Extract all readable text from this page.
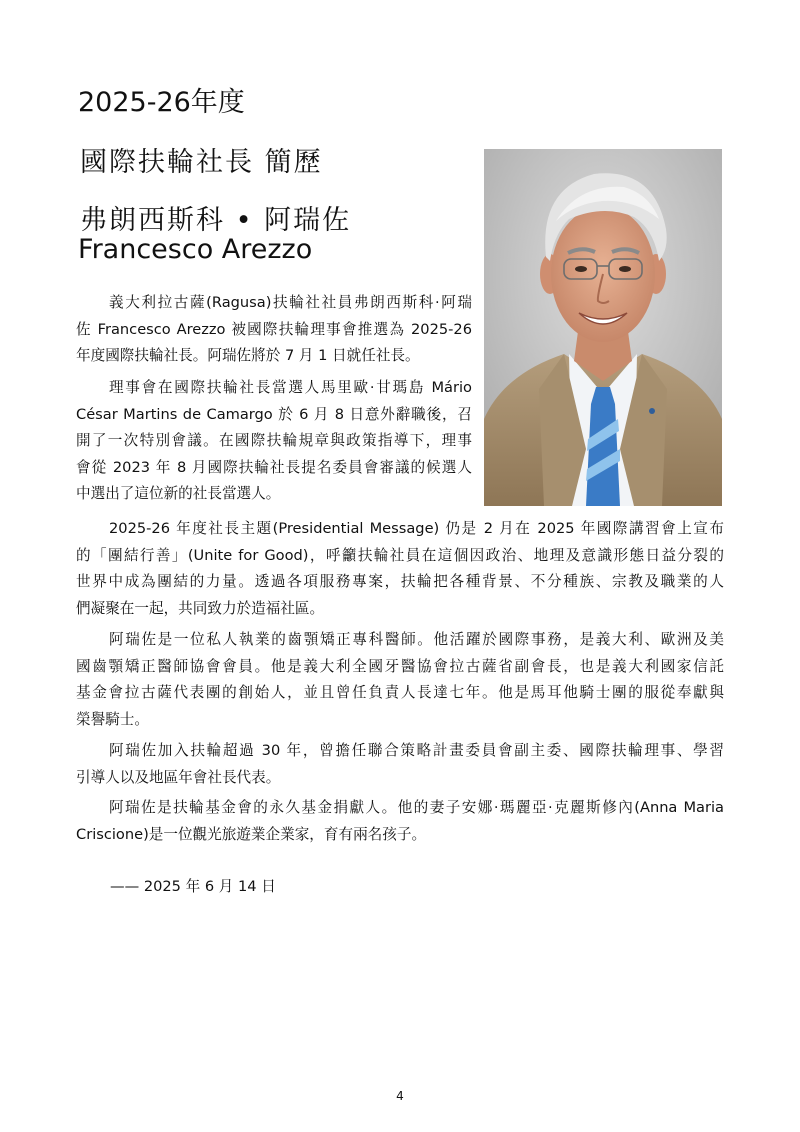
2025-26年度
國際扶輪社長 簡歷
弗朗西斯科 • 阿瑞佐
Francesco Arezzo
義大利拉古薩(Ragusa)扶輪社社員弗朗西斯科·阿瑞
佐 Francesco Arezzo 被國際扶輪理事會推選為 2025-26
年度國際扶輪社長。阿瑞佐將於 7 月 1 日就任社長。
理事會在國際扶輪社長當選人馬里歐·甘瑪島 Mário
César Martins de Camargo 於 6 月 8 日意外辭職後，召
開了一次特別會議。在國際扶輪規章與政策指導下，理事
會從 2023 年 8 月國際扶輪社長提名委員會審議的候選人
中選出了這位新的社長當選人。
2025-26 年度社長主題(Presidential Message) 仍是 2 月在 2025 年國際講習會上宣布
的「團結行善」(Unite for Good)，呼籲扶輪社員在這個因政治、地理及意識形態日益分裂的
世界中成為團結的力量。透過各項服務專案，扶輪把各種背景、不分種族、宗教及職業的人
們凝聚在一起，共同致力於造福社區。
阿瑞佐是一位私人執業的齒顎矯正專科醫師。他活躍於國際事務，是義大利、歐洲及美
國齒顎矯正醫師協會會員。他是義大利全國牙醫協會拉古薩省副會長，也是義大利國家信託
基金會拉古薩代表團的創始人，並且曾任負責人長達七年。他是馬耳他騎士團的服從奉獻與
榮譽騎士。
阿瑞佐加入扶輪超過 30 年，曾擔任聯合策略計畫委員會副主委、國際扶輪理事、學習
引導人以及地區年會社長代表。
阿瑞佐是扶輪基金會的永久基金捐獻人。他的妻子安娜·瑪麗亞·克麗斯修內(Anna Maria
Criscione)是一位觀光旅遊業企業家，育有兩名孩子。
—— 2025 年 6 月 14 日
4
